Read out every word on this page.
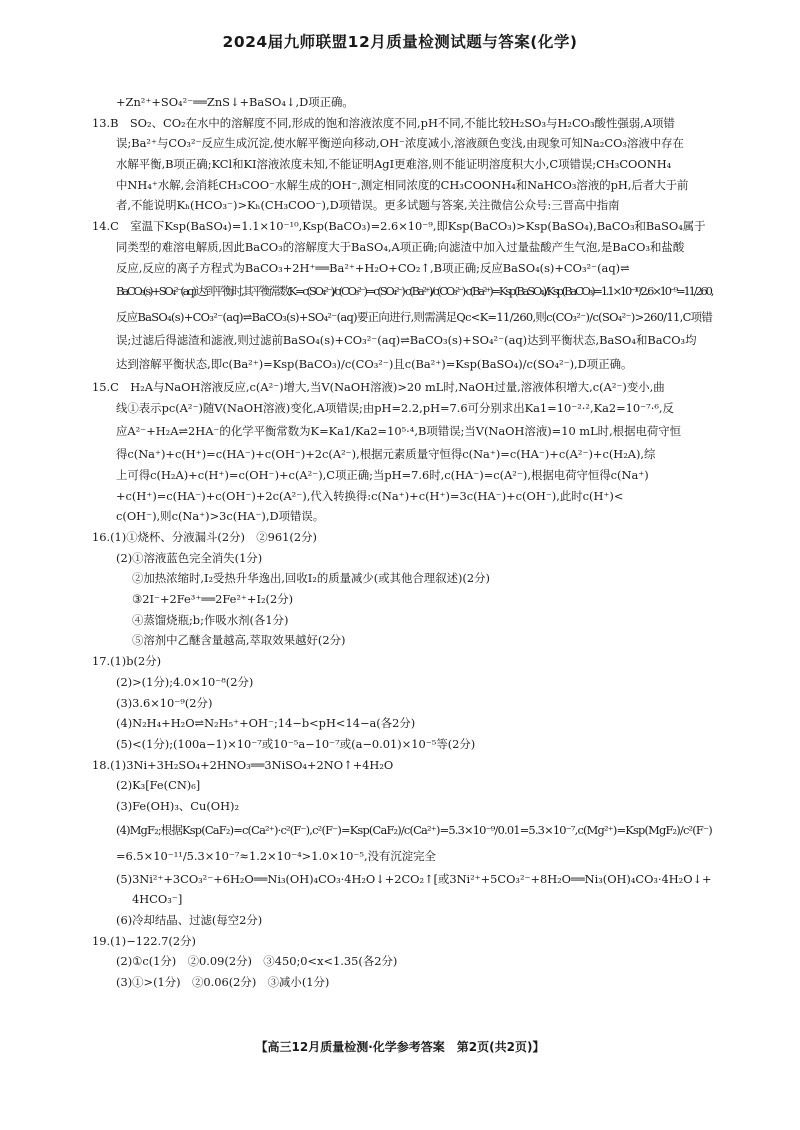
2024届九师联盟12月质量检测试题与答案(化学)
+Zn²⁺+SO₄²⁻══ZnS↓+BaSO₄↓,D项正确。
13.B　SO₂、CO₂在水中的溶解度不同,形成的饱和溶液浓度不同,pH不同,不能比较H₂SO₃与H₂CO₃酸性强弱,A项错
误;Ba²⁺与CO₃²⁻反应生成沉淀,使水解平衡逆向移动,OH⁻浓度减小,溶液颜色变浅,由现象可知Na₂CO₃溶液中存在
水解平衡,B项正确;KCl和KI溶液浓度未知,不能证明AgI更难溶,则不能证明溶度积大小,C项错误;CH₃COONH₄
中NH₄⁺水解,会消耗CH₃COO⁻水解生成的OH⁻,测定相同浓度的CH₃COONH₄和NaHCO₃溶液的pH,后者大于前
者,不能说明Kₕ(HCO₃⁻)>Kₕ(CH₃COO⁻),D项错误。更多试题与答案,关注微信公众号:三晋高中指南
14.C　室温下Ksp(BaSO₄)=1.1×10⁻¹⁰,Ksp(BaCO₃)=2.6×10⁻⁹,即Ksp(BaCO₃)>Ksp(BaSO₄),BaCO₃和BaSO₄属于
同类型的难溶电解质,因此BaCO₃的溶解度大于BaSO₄,A项正确;向滤渣中加入过量盐酸产生气泡,是BaCO₃和盐酸
反应,反应的离子方程式为BaCO₃+2H⁺══Ba²⁺+H₂O+CO₂↑,B项正确;反应BaSO₄(s)+CO₃²⁻(aq)⇌
BaCO₃(s)+SO₄²⁻(aq)达到平衡时,其平衡常数K=c(SO₄²⁻)/c(CO₃²⁻)=c(SO₄²⁻)·c(Ba²⁺)/c(CO₃²⁻)·c(Ba²⁺)=Ksp(BaSO₄)/Ksp(BaCO₃)=1.1×10⁻¹⁰/2.6×10⁻⁹=11/260,
反应BaSO₄(s)+CO₃²⁻(aq)⇌BaCO₃(s)+SO₄²⁻(aq)要正向进行,则需满足Qc<K=11/260,则c(CO₃²⁻)/c(SO₄²⁻)>260/11,C项错
误;过滤后得滤渣和滤液,则过滤前BaSO₄(s)+CO₃²⁻(aq)⇌BaCO₃(s)+SO₄²⁻(aq)达到平衡状态,BaSO₄和BaCO₃均
达到溶解平衡状态,即c(Ba²⁺)=Ksp(BaCO₃)/c(CO₃²⁻)且c(Ba²⁺)=Ksp(BaSO₄)/c(SO₄²⁻),D项正确。
15.C　H₂A与NaOH溶液反应,c(A²⁻)增大,当V(NaOH溶液)>20 mL时,NaOH过量,溶液体积增大,c(A²⁻)变小,曲
线①表示pc(A²⁻)随V(NaOH溶液)变化,A项错误;由pH=2.2,pH=7.6可分别求出Ka1=10⁻²·²,Ka2=10⁻⁷·⁶,反
应A²⁻+H₂A⇌2HA⁻的化学平衡常数为K=Ka1/Ka2=10⁵·⁴,B项错误;当V(NaOH溶液)=10 mL时,根据电荷守恒
得c(Na⁺)+c(H⁺)=c(HA⁻)+c(OH⁻)+2c(A²⁻),根据元素质量守恒得c(Na⁺)=c(HA⁻)+c(A²⁻)+c(H₂A),综
上可得c(H₂A)+c(H⁺)=c(OH⁻)+c(A²⁻),C项正确;当pH=7.6时,c(HA⁻)=c(A²⁻),根据电荷守恒得c(Na⁺)
+c(H⁺)=c(HA⁻)+c(OH⁻)+2c(A²⁻),代入转换得:c(Na⁺)+c(H⁺)=3c(HA⁻)+c(OH⁻),此时c(H⁺)<
c(OH⁻),则c(Na⁺)>3c(HA⁻),D项错误。
16.(1)①烧杯、分液漏斗(2分)　②961(2分)
(2)①溶液蓝色完全消失(1分)
②加热浓缩时,I₂受热升华逸出,回收I₂的质量减少(或其他合理叙述)(2分)
③2I⁻+2Fe³⁺══2Fe²⁺+I₂(2分)
④蒸馏烧瓶;b;作吸水剂(各1分)
⑤溶剂中乙醚含量越高,萃取效果越好(2分)
17.(1)b(2分)
(2)>(1分);4.0×10⁻⁸(2分)
(3)3.6×10⁻⁹(2分)
(4)N₂H₄+H₂O⇌N₂H₅⁺+OH⁻;14−b<pH<14−a(各2分)
(5)<(1分);(100a−1)×10⁻⁷或10⁻⁵a−10⁻⁷或(a−0.01)×10⁻⁵等(2分)
18.(1)3Ni+3H₂SO₄+2HNO₃══3NiSO₄+2NO↑+4H₂O
(2)K₃[Fe(CN)₆]
(3)Fe(OH)₃、Cu(OH)₂
(4)MgF₂;根据Ksp(CaF₂)=c(Ca²⁺)·c²(F⁻),c²(F⁻)=Ksp(CaF₂)/c(Ca²⁺)=5.3×10⁻⁹/0.01=5.3×10⁻⁷,c(Mg²⁺)=Ksp(MgF₂)/c²(F⁻)
=6.5×10⁻¹¹/5.3×10⁻⁷≈1.2×10⁻⁴>1.0×10⁻⁵,没有沉淀完全
(5)3Ni²⁺+3CO₃²⁻+6H₂O══Ni₃(OH)₄CO₃·4H₂O↓+2CO₂↑[或3Ni²⁺+5CO₃²⁻+8H₂O══Ni₃(OH)₄CO₃·4H₂O↓+
4HCO₃⁻]
(6)冷却结晶、过滤(每空2分)
19.(1)−122.7(2分)
(2)①c(1分)　②0.09(2分)　③450;0<x<1.35(各2分)
(3)①>(1分)　②0.06(2分)　③减小(1分)
【高三12月质量检测·化学参考答案　第2页(共2页)】
